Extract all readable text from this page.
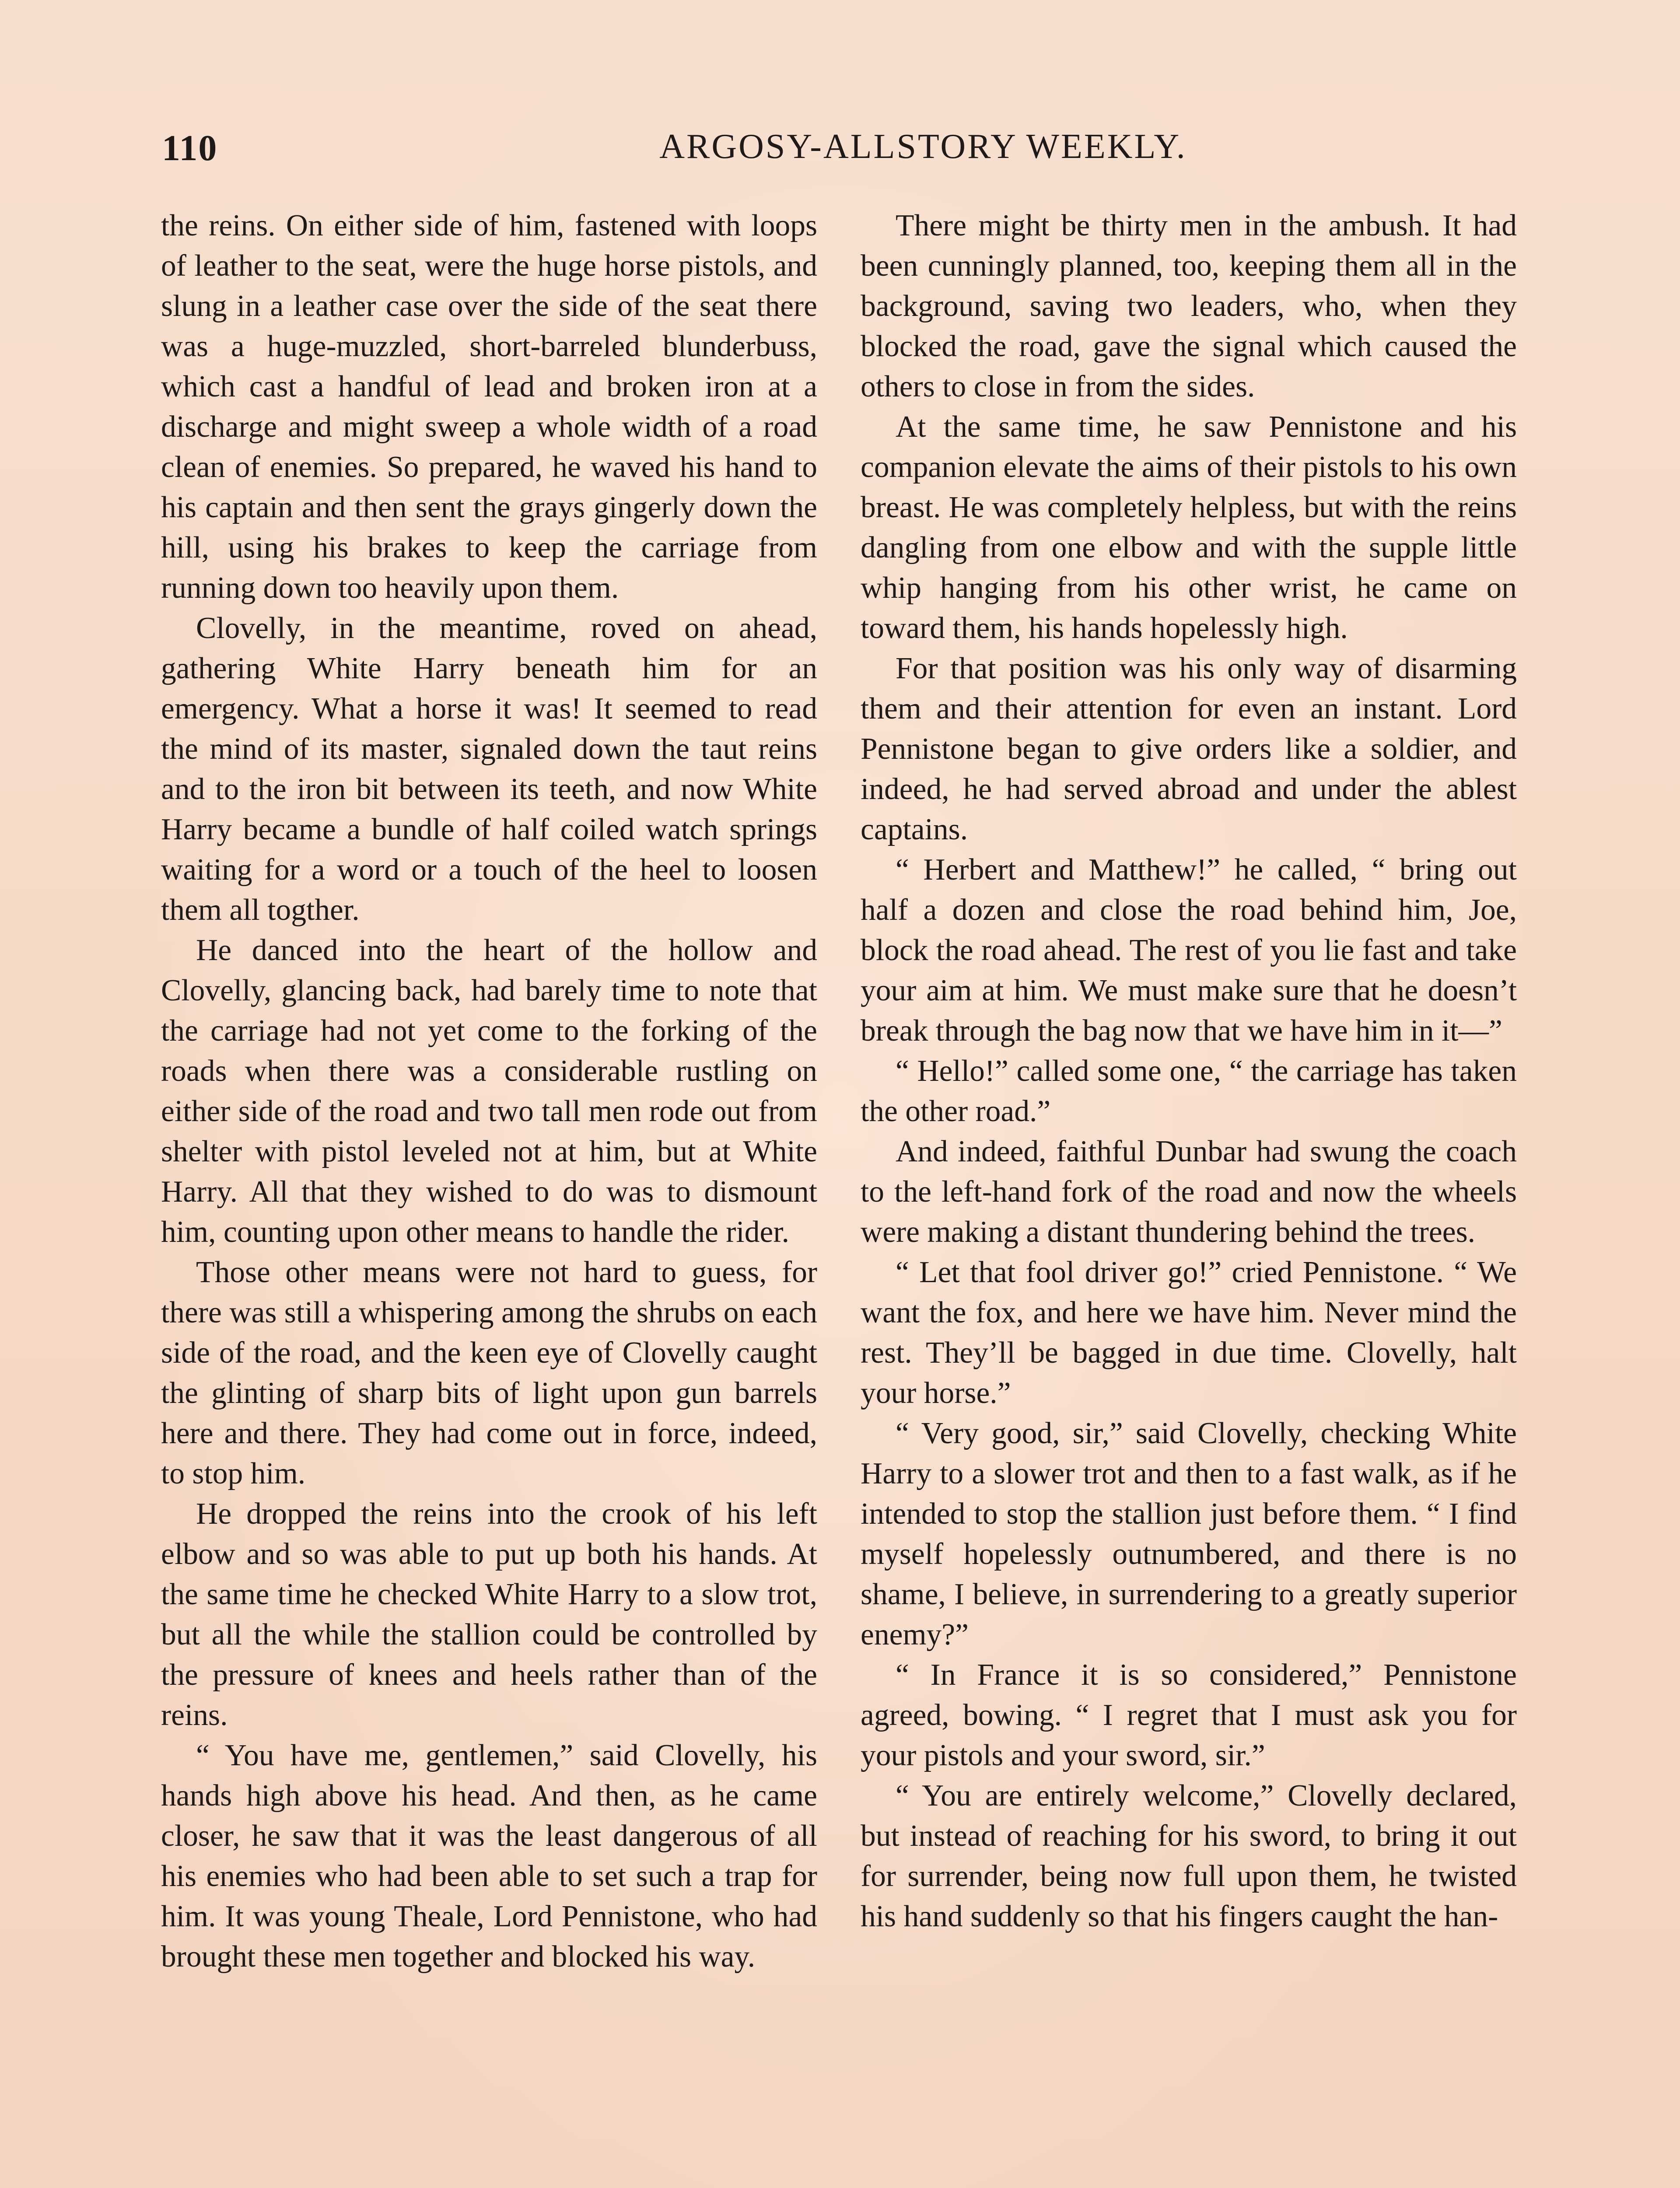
110	ARGOSY-ALLSTORY WEEKLY.

the reins. On either side of him, fastened with loops of leather to the seat, were the huge horse pistols, and slung in a leather case over the side of the seat there was a huge-muzzled, short-barreled blunderbuss, which cast a handful of lead and broken iron at a discharge and might sweep a whole width of a road clean of enemies. So prepared, he waved his hand to his captain and then sent the grays gingerly down the hill, using his brakes to keep the carriage from running down too heavily upon them.

Clovelly, in the meantime, roved on ahead, gathering White Harry beneath him for an emergency. What a horse it was! It seemed to read the mind of its master, signaled down the taut reins and to the iron bit between its teeth, and now White Harry became a bundle of half coiled watch springs waiting for a word or a touch of the heel to loosen them all togther.

He danced into the heart of the hollow and Clovelly, glancing back, had barely time to note that the carriage had not yet come to the forking of the roads when there was a considerable rustling on either side of the road and two tall men rode out from shelter with pistol leveled not at him, but at White Harry. All that they wished to do was to dismount him, counting upon other means to handle the rider.

Those other means were not hard to guess, for there was still a whispering among the shrubs on each side of the road, and the keen eye of Clovelly caught the glinting of sharp bits of light upon gun barrels here and there. They had come out in force, indeed, to stop him.

He dropped the reins into the crook of his left elbow and so was able to put up both his hands. At the same time he checked White Harry to a slow trot, but all the while the stallion could be controlled by the pressure of knees and heels rather than of the reins.

“ You have me, gentlemen,” said Clovelly, his hands high above his head. And then, as he came closer, he saw that it was the least dangerous of all his enemies who had been able to set such a trap for him. It was young Theale, Lord Pennistone, who had brought these men together and blocked his way.

There might be thirty men in the ambush. It had been cunningly planned, too, keeping them all in the background, saving two leaders, who, when they blocked the road, gave the signal which caused the others to close in from the sides.

At the same time, he saw Pennistone and his companion elevate the aims of their pistols to his own breast. He was completely helpless, but with the reins dangling from one elbow and with the supple little whip hanging from his other wrist, he came on toward them, his hands hopelessly high.

For that position was his only way of disarming them and their attention for even an instant. Lord Pennistone began to give orders like a soldier, and indeed, he had served abroad and under the ablest captains.

“ Herbert and Matthew!” he called, “ bring out half a dozen and close the road behind him, Joe, block the road ahead. The rest of you lie fast and take your aim at him. We must make sure that he doesn’t break through the bag now that we have him in it—”

“ Hello!” called some one, “ the carriage has taken the other road.”

And indeed, faithful Dunbar had swung the coach to the left-hand fork of the road and now the wheels were making a distant thundering behind the trees.

“ Let that fool driver go!” cried Pennistone. “ We want the fox, and here we have him. Never mind the rest. They’ll be bagged in due time. Clovelly, halt your horse.”

“ Very good, sir,” said Clovelly, checking White Harry to a slower trot and then to a fast walk, as if he intended to stop the stallion just before them. “ I find myself hopelessly outnumbered, and there is no shame, I believe, in surrendering to a greatly superior enemy?”

“ In France it is so considered,” Pennistone agreed, bowing. “ I regret that I must ask you for your pistols and your sword, sir.”

“ You are entirely welcome,” Clovelly declared, but instead of reaching for his sword, to bring it out for surrender, being now full upon them, he twisted his hand suddenly so that his fingers caught the han-
